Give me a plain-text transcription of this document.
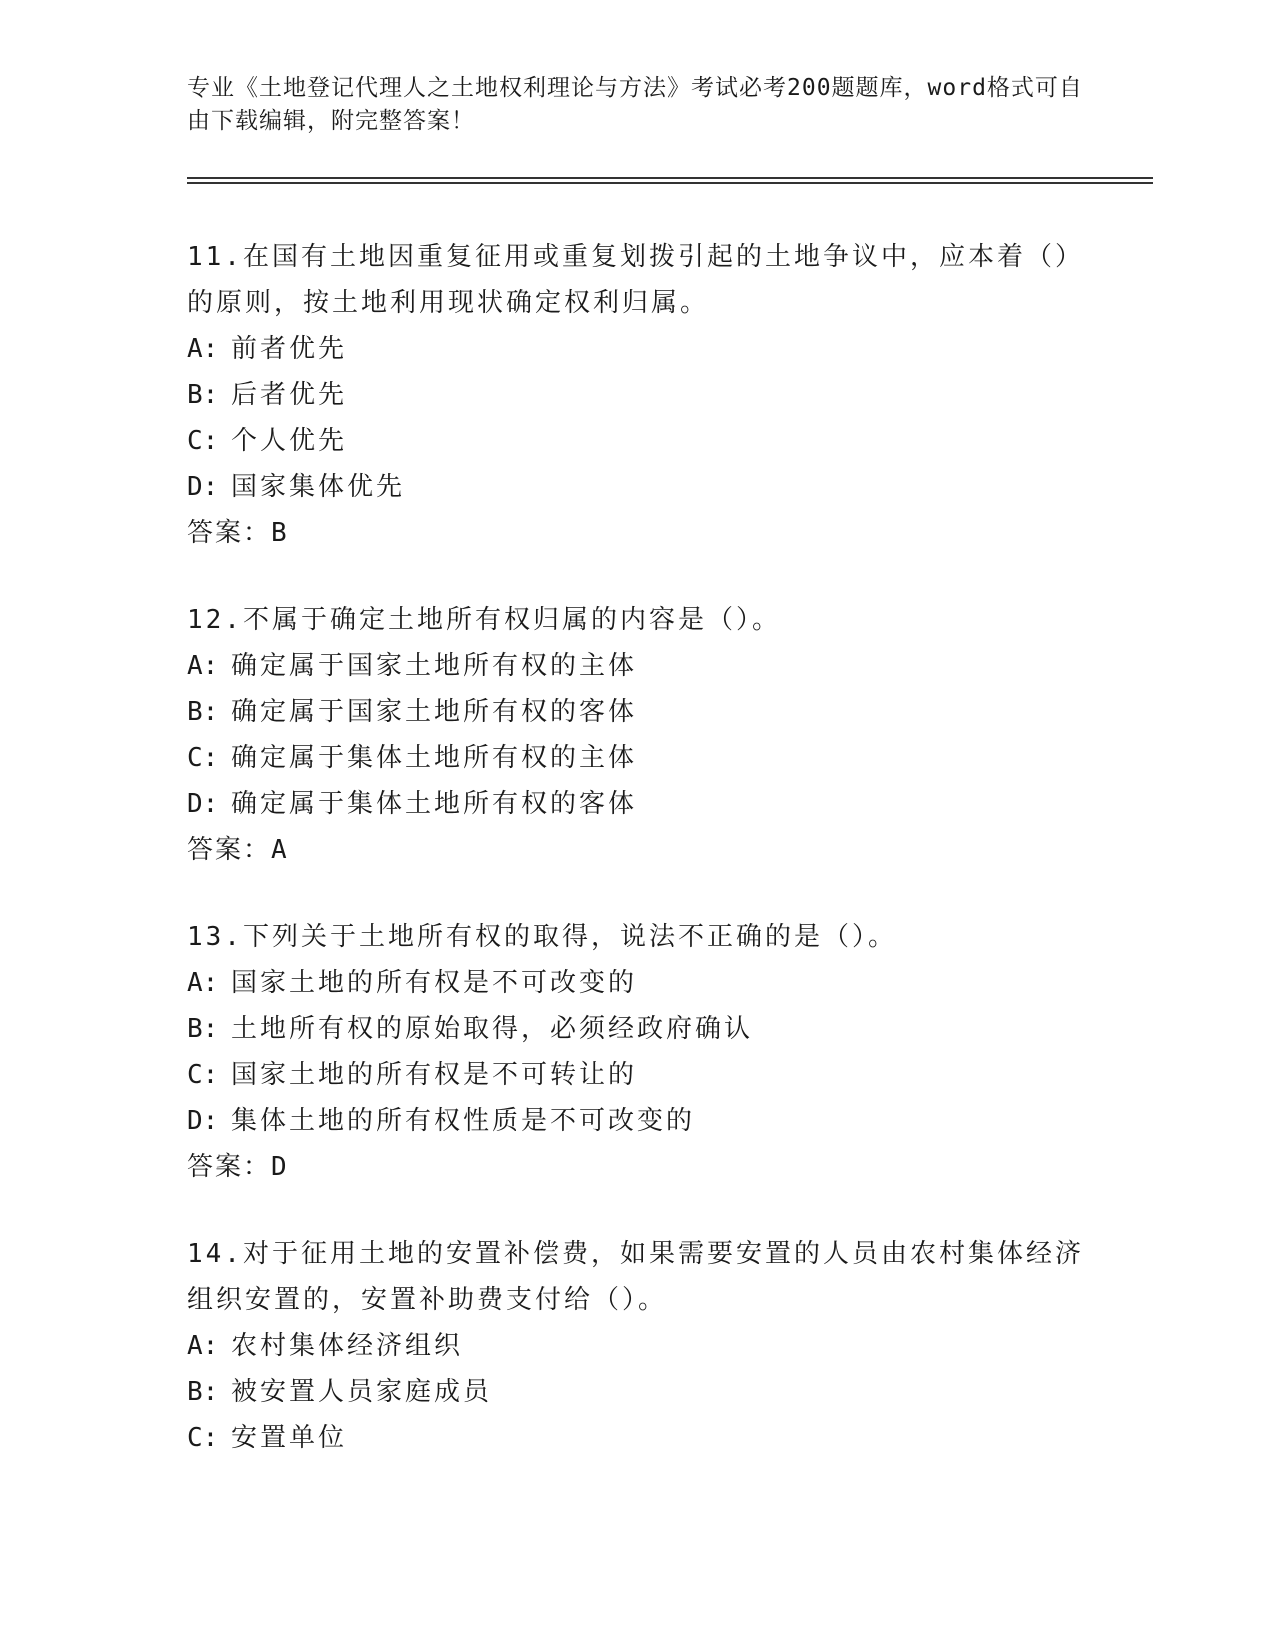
专业《土地登记代理人之土地权利理论与方法》考试必考200题题库，word格式可自由下载编辑，附完整答案！
11.在国有土地因重复征用或重复划拨引起的土地争议中，应本着（）的原则，按土地利用现状确定权利归属。
A: 前者优先
B: 后者优先
C: 个人优先
D: 国家集体优先
答案：B
12.不属于确定土地所有权归属的内容是（）。
A: 确定属于国家土地所有权的主体
B: 确定属于国家土地所有权的客体
C: 确定属于集体土地所有权的主体
D: 确定属于集体土地所有权的客体
答案：A
13.下列关于土地所有权的取得，说法不正确的是（）。
A: 国家土地的所有权是不可改变的
B: 土地所有权的原始取得，必须经政府确认
C: 国家土地的所有权是不可转让的
D: 集体土地的所有权性质是不可改变的
答案：D
14.对于征用土地的安置补偿费，如果需要安置的人员由农村集体经济组织安置的，安置补助费支付给（）。
A: 农村集体经济组织
B: 被安置人员家庭成员
C: 安置单位
